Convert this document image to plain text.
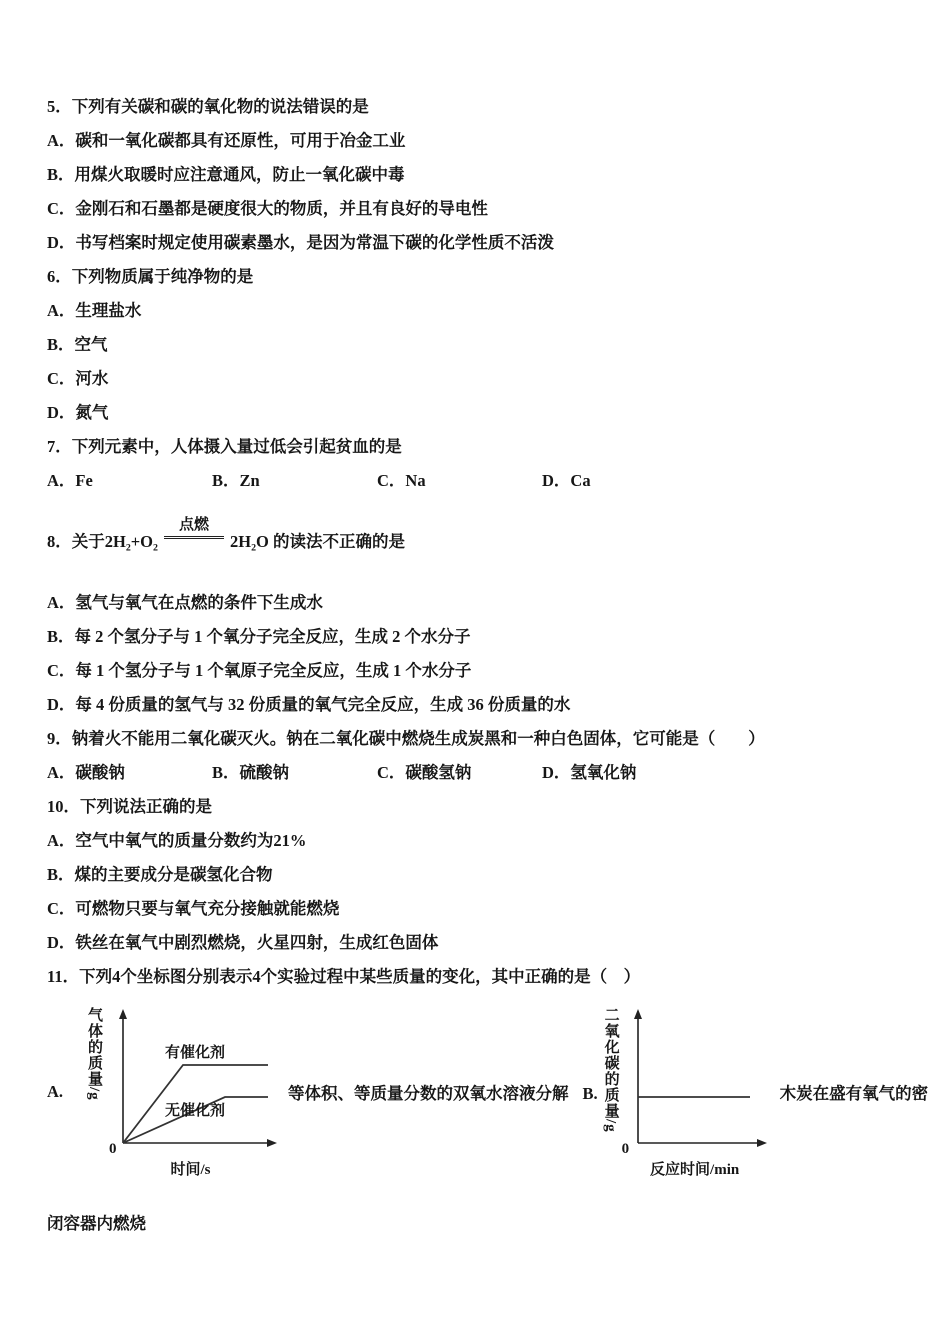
5．下列有关碳和碳的氧化物的说法错误的是
A．碳和一氧化碳都具有还原性，可用于冶金工业
B．用煤火取暖时应注意通风，防止一氧化碳中毒
C．金刚石和石墨都是硬度很大的物质，并且有良好的导电性
D．书写档案时规定使用碳素墨水，是因为常温下碳的化学性质不活泼
6．下列物质属于纯净物的是
A．生理盐水
B．空气
C．河水
D．氮气
7．下列元素中，人体摄入量过低会引起贫血的是
A．Fe	B．Zn	C．Na	D．Ca
8．关于2H₂+O₂
点燃
2H₂O 的读法不正确的是
A．氢气与氧气在点燃的条件下生成水
B．每 2 个氢分子与 1 个氧分子完全反应，生成 2 个水分子
C．每 1 个氢分子与 1 个氧原子完全反应，生成 1 个水分子
D．每 4 份质量的氢气与 32 份质量的氧气完全反应，生成 36 份质量的水
9．钠着火不能用二氧化碳灭火。钠在二氧化碳中燃烧生成炭黑和一种白色固体，它可能是（　　）
A．碳酸钠	B．硫酸钠	C．碳酸氢钠	D．氢氧化钠
10．下列说法正确的是
A．空气中氧气的质量分数约为21%
B．煤的主要成分是碳氢化合物
C．可燃物只要与氧气充分接触就能燃烧
D．铁丝在氧气中剧烈燃烧，火星四射，生成红色固体
11．下列4个坐标图分别表示4个实验过程中某些质量的变化，其中正确的是（　）
A.	气体的质量/g	有催化剂
无催化剂
0
时间/s
等体积、等质量分数的双氧水溶液分解 B. 二氧化碳的质量/g
0
反应时间/min
木炭在盛有氧气的密
闭容器内燃烧
